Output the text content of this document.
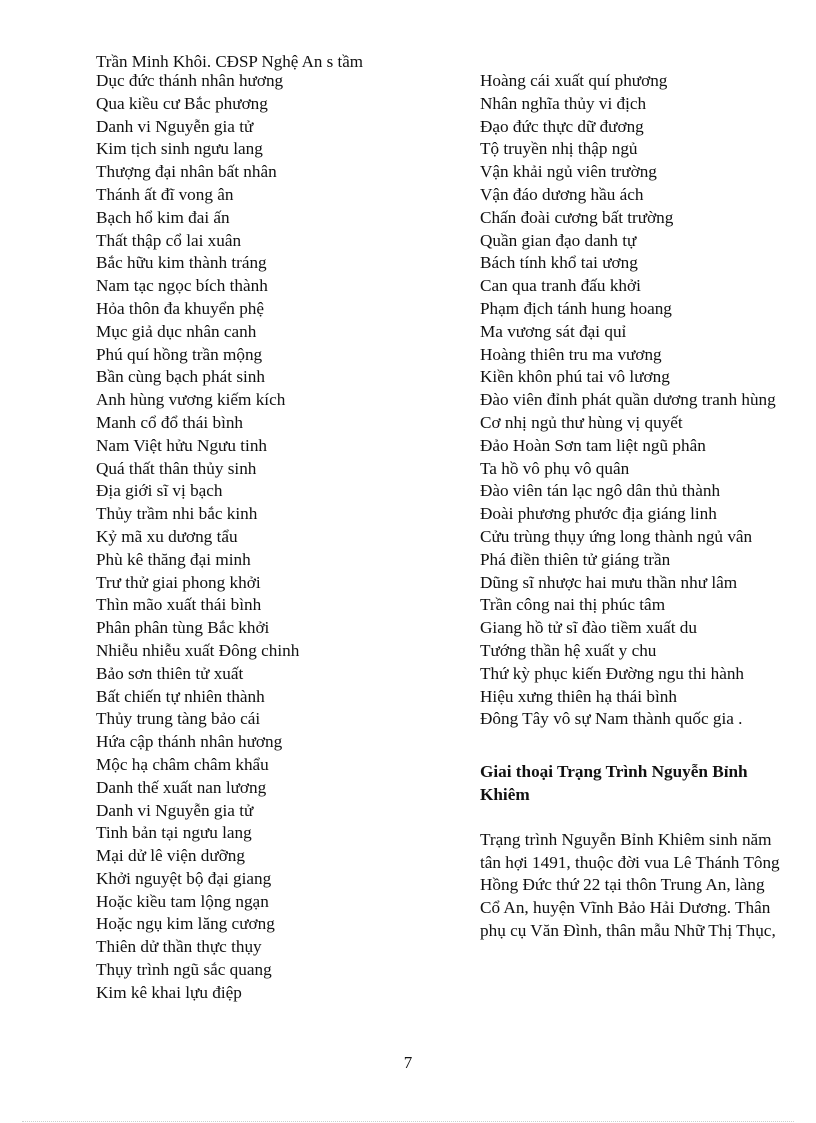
Trần Minh Khôi. CĐSP Nghệ An s tầm
Dục đức thánh nhân hương
Qua kiều cư Bắc phương
Danh vi Nguyễn gia tử
Kim tịch sinh ngưu lang
Thượng đại nhân bất nhân
Thánh ất đĩ vong ân
Bạch hổ kim đai ấn
Thất thập cổ lai xuân
Bắc hữu kim thành tráng
Nam tạc ngọc bích thành
Hỏa thôn đa khuyển phệ
Mục giả dục nhân canh
Phú quí hồng trần mộng
Bần cùng bạch phát sinh
Anh hùng vương kiếm kích
Manh cổ đổ thái bình
Nam Việt hửu Ngưu tinh
Quá thất thân thủy sinh
Địa giới sĩ vị bạch
Thủy trầm nhi bắc kinh
Kỷ mã xu dương tẩu
Phù kê thăng đại minh
Trư thử giai phong khởi
Thìn mão xuất thái bình
Phân phân tùng Bắc khởi
Nhiễu nhiễu xuất Đông chinh
Bảo sơn thiên tử xuất
Bất chiến tự nhiên thành
Thủy trung tàng bảo cái
Hứa cập thánh nhân hương
Mộc hạ châm châm khẩu
Danh thế xuất nan lương
Danh vi Nguyễn gia tử
Tinh bản tại ngưu lang
Mại dử lê viện dưỡng
Khởi nguyệt bộ đại giang
Hoặc kiều tam lộng ngạn
Hoặc ngụ kim lăng cương
Thiên dử thần thực thụy
Thụy trình ngũ sắc quang
Kim kê khai lựu điệp
Hoàng cái xuất quí phương
Nhân nghĩa thủy vi địch
Đạo đức thực dữ đương
Tộ truyền nhị thập ngủ
Vận khải ngủ viên trường
Vận đáo dương hầu ách
Chấn đoài cương bất trường
Quần gian đạo danh tự
Bách tính khổ tai ương
Can qua tranh đấu khởi
Phạm địch tánh hung hoang
Ma vương sát đại quỉ
Hoàng thiên tru ma vương
Kiền khôn phú tai vô lương
Đào viên đỉnh phát quần dương tranh hùng
Cơ nhị ngủ thư hùng vị quyết
Đảo Hoàn Sơn tam liệt ngũ phân
Ta hồ vô phụ vô quân
Đào viên tán lạc ngô dân thủ thành
Đoài phương phước địa giáng linh
Cửu trùng thụy ứng long thành ngủ vân
Phá điền thiên tử giáng trần
Dũng sĩ nhược hai mưu thần như lâm
Trần công nai thị phúc tâm
Giang hồ tử sĩ đào tiềm xuất du
Tướng thần hệ xuất y chu
Thứ kỳ phục kiến Đường ngu thi hành
Hiệu xưng thiên hạ thái bình
Đông Tây vô sự Nam thành quốc gia .
Giai thoại Trạng Trình Nguyễn Bỉnh Khiêm

Trạng trình Nguyễn Bỉnh Khiêm sinh năm tân hợi 1491, thuộc đời vua Lê Thánh Tông Hồng Đức thứ 22 tại thôn Trung An, làng Cổ An, huyện Vĩnh Bảo Hải Dương. Thân phụ cụ Văn Đình, thân mẫu Nhữ Thị Thục,

7
